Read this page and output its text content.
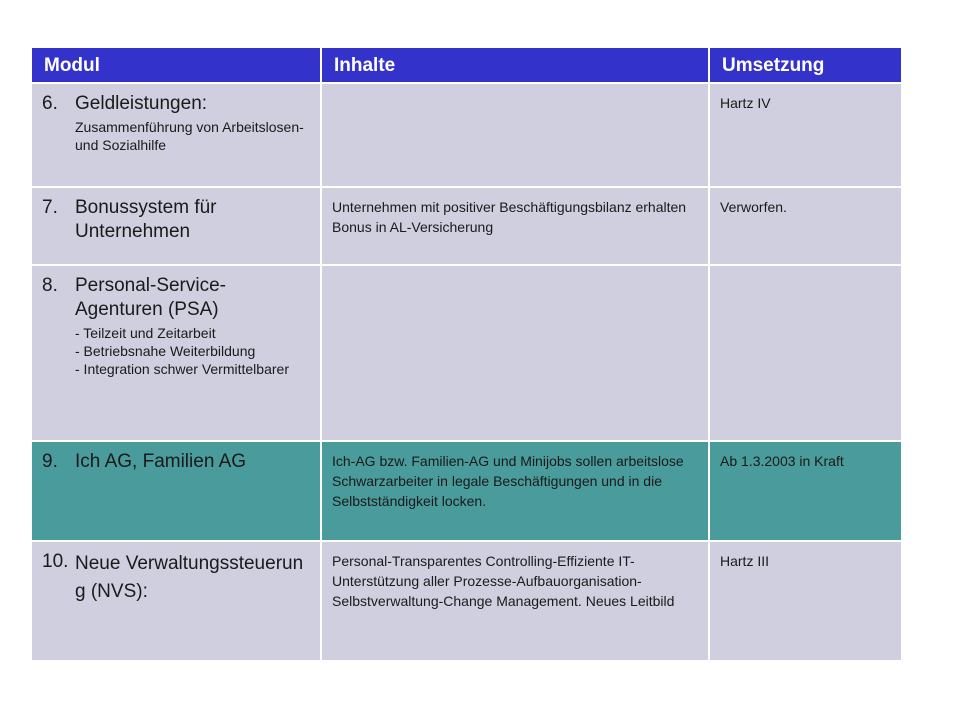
Modul	Inhalte	Umsetzung

6. Geldleistungen:
Zusammenführung von Arbeitslosen- und Sozialhilfe		Hartz IV

7. Bonussystem für Unternehmen	Unternehmen mit positiver Beschäftigungsbilanz erhalten Bonus in AL-Versicherung	Verworfen.

8. Personal-Service-Agenturen (PSA)
- Teilzeit und Zeitarbeit
- Betriebsnahe Weiterbildung
- Integration schwer Vermittelbarer		

9. Ich AG, Familien AG	Ich-AG bzw. Familien-AG und Minijobs sollen arbeitslose Schwarzarbeiter in legale Beschäftigungen und in die Selbstständigkeit locken.	Ab 1.3.2003 in Kraft

10. Neue Verwaltungssteuerung (NVS):	Personal-Transparentes Controlling-Effiziente IT-Unterstützung aller Prozesse-Aufbauorganisation-Selbstverwaltung-Change Management. Neues Leitbild	Hartz III
